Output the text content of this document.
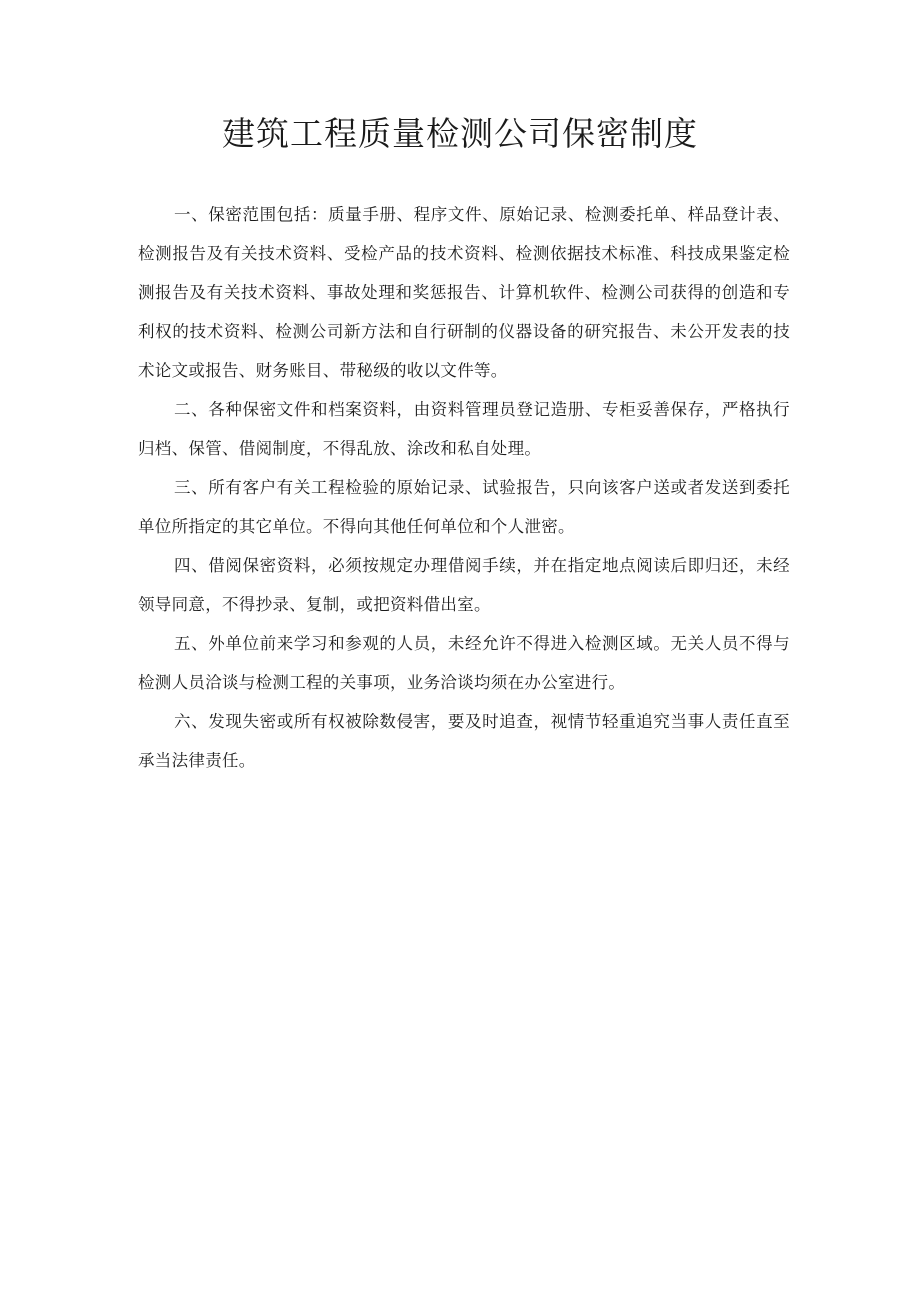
建筑工程质量检测公司保密制度

一、保密范围包括：质量手册、程序文件、原始记录、检测委托单、样品登计表、检测报告及有关技术资料、受检产品的技术资料、检测依据技术标准、科技成果鉴定检测报告及有关技术资料、事故处理和奖惩报告、计算机软件、检测公司获得的创造和专利权的技术资料、检测公司新方法和自行研制的仪器设备的研究报告、未公开发表的技术论文或报告、财务账目、带秘级的收以文件等。

二、各种保密文件和档案资料，由资料管理员登记造册、专柜妥善保存，严格执行归档、保管、借阅制度，不得乱放、涂改和私自处理。

三、所有客户有关工程检验的原始记录、试验报告，只向该客户送或者发送到委托单位所指定的其它单位。不得向其他任何单位和个人泄密。

四、借阅保密资料，必须按规定办理借阅手续，并在指定地点阅读后即归还，未经领导同意，不得抄录、复制，或把资料借出室。

五、外单位前来学习和参观的人员，未经允许不得进入检测区域。无关人员不得与检测人员洽谈与检测工程的关事项，业务洽谈均须在办公室进行。

六、发现失密或所有权被除数侵害，要及时追查，视情节轻重追究当事人责任直至承当法律责任。
